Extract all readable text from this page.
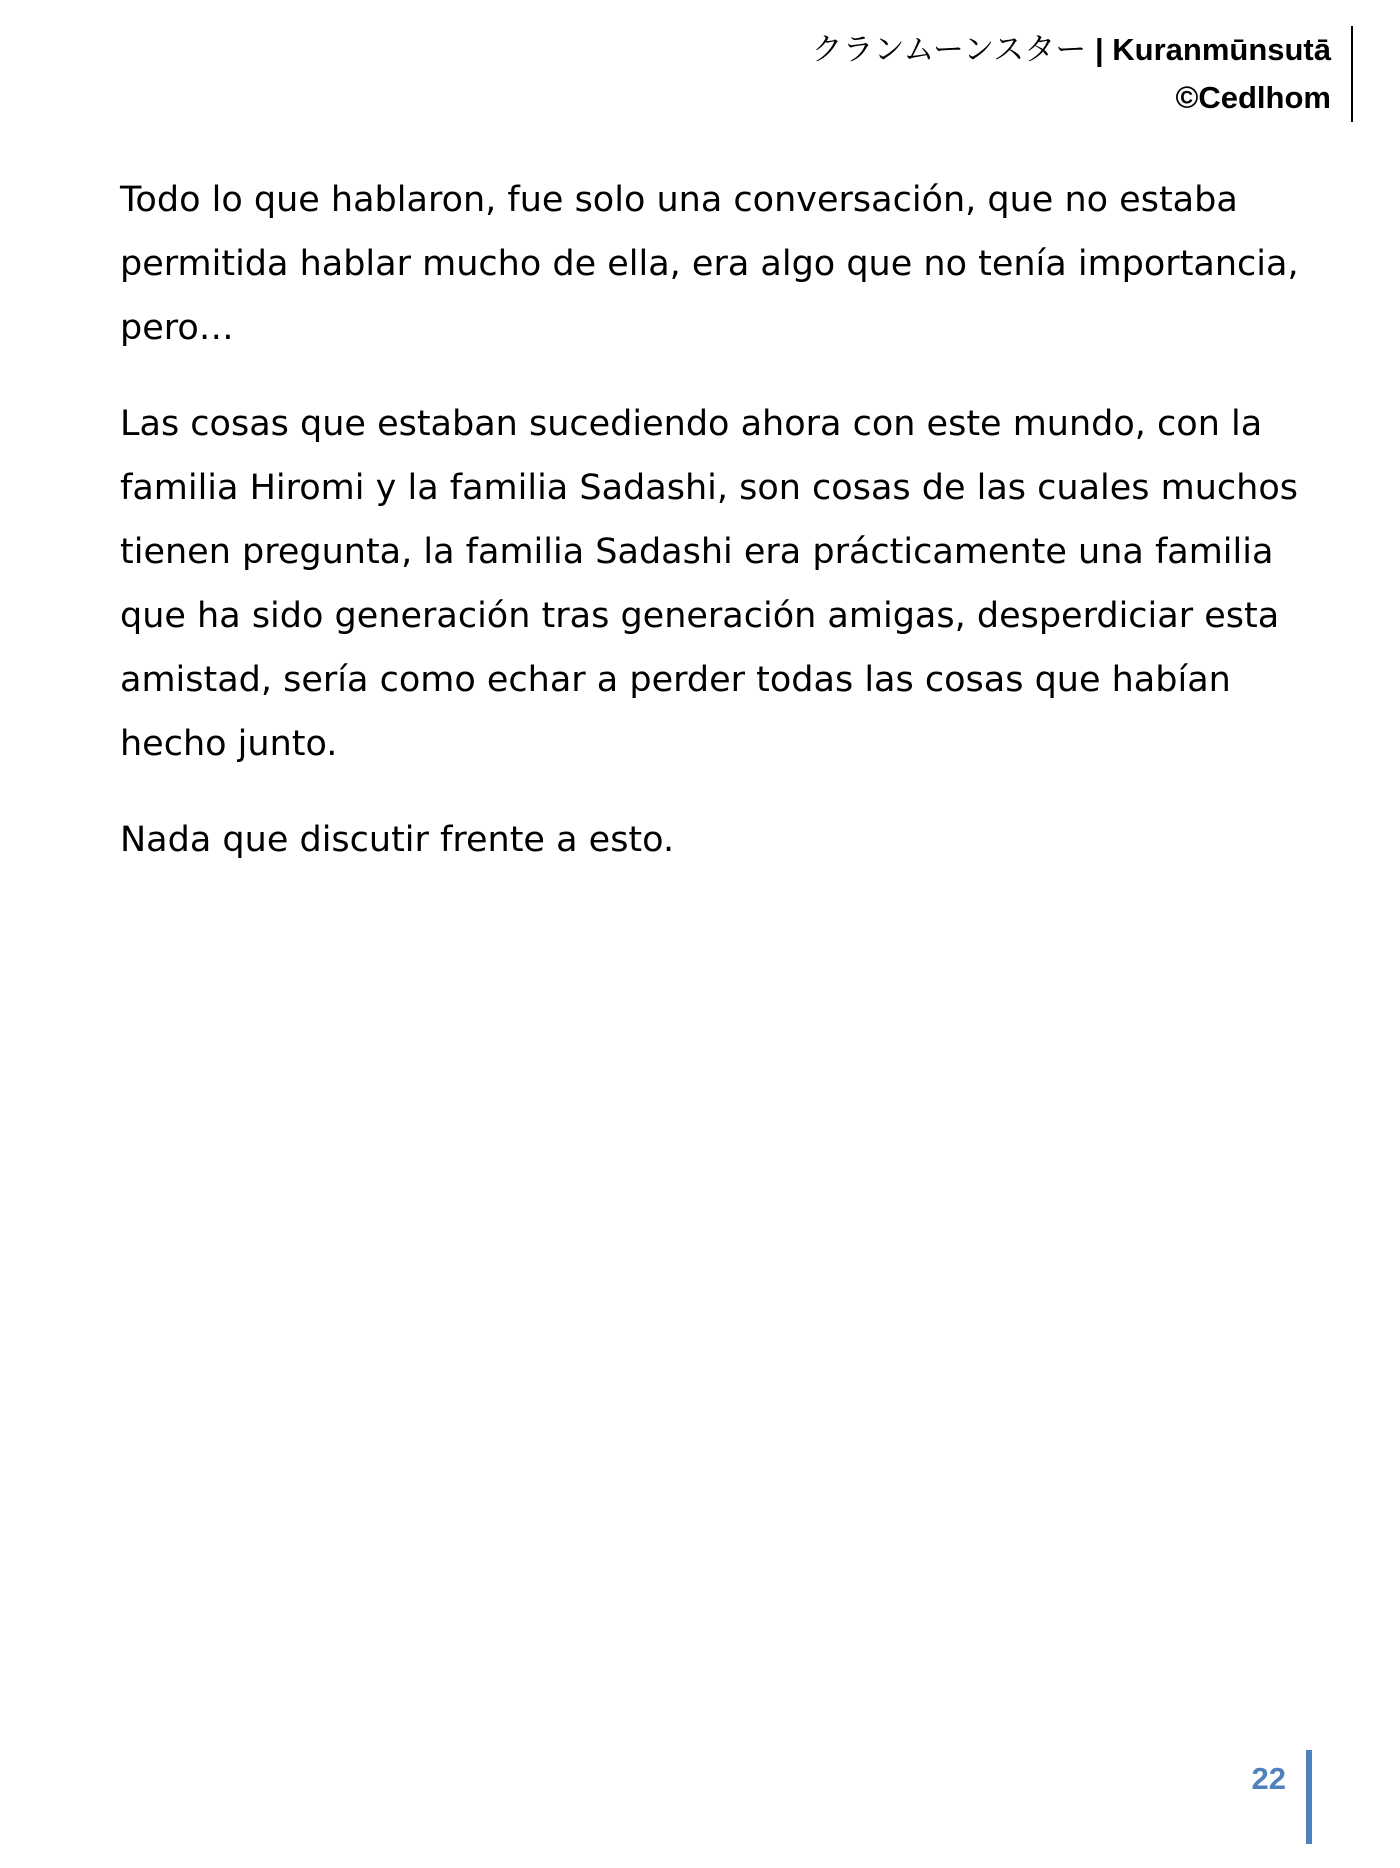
クランムーンスター | Kuranmūnsutā
©Cedlhom

Todo lo que hablaron, fue solo una conversación, que no estaba permitida hablar mucho de ella, era algo que no tenía importancia, pero…

Las cosas que estaban sucediendo ahora con este mundo, con la familia Hiromi y la familia Sadashi, son cosas de las cuales muchos tienen pregunta, la familia Sadashi era prácticamente una familia que ha sido generación tras generación amigas, desperdiciar esta amistad, sería como echar a perder todas las cosas que habían hecho junto.

Nada que discutir frente a esto.

22
